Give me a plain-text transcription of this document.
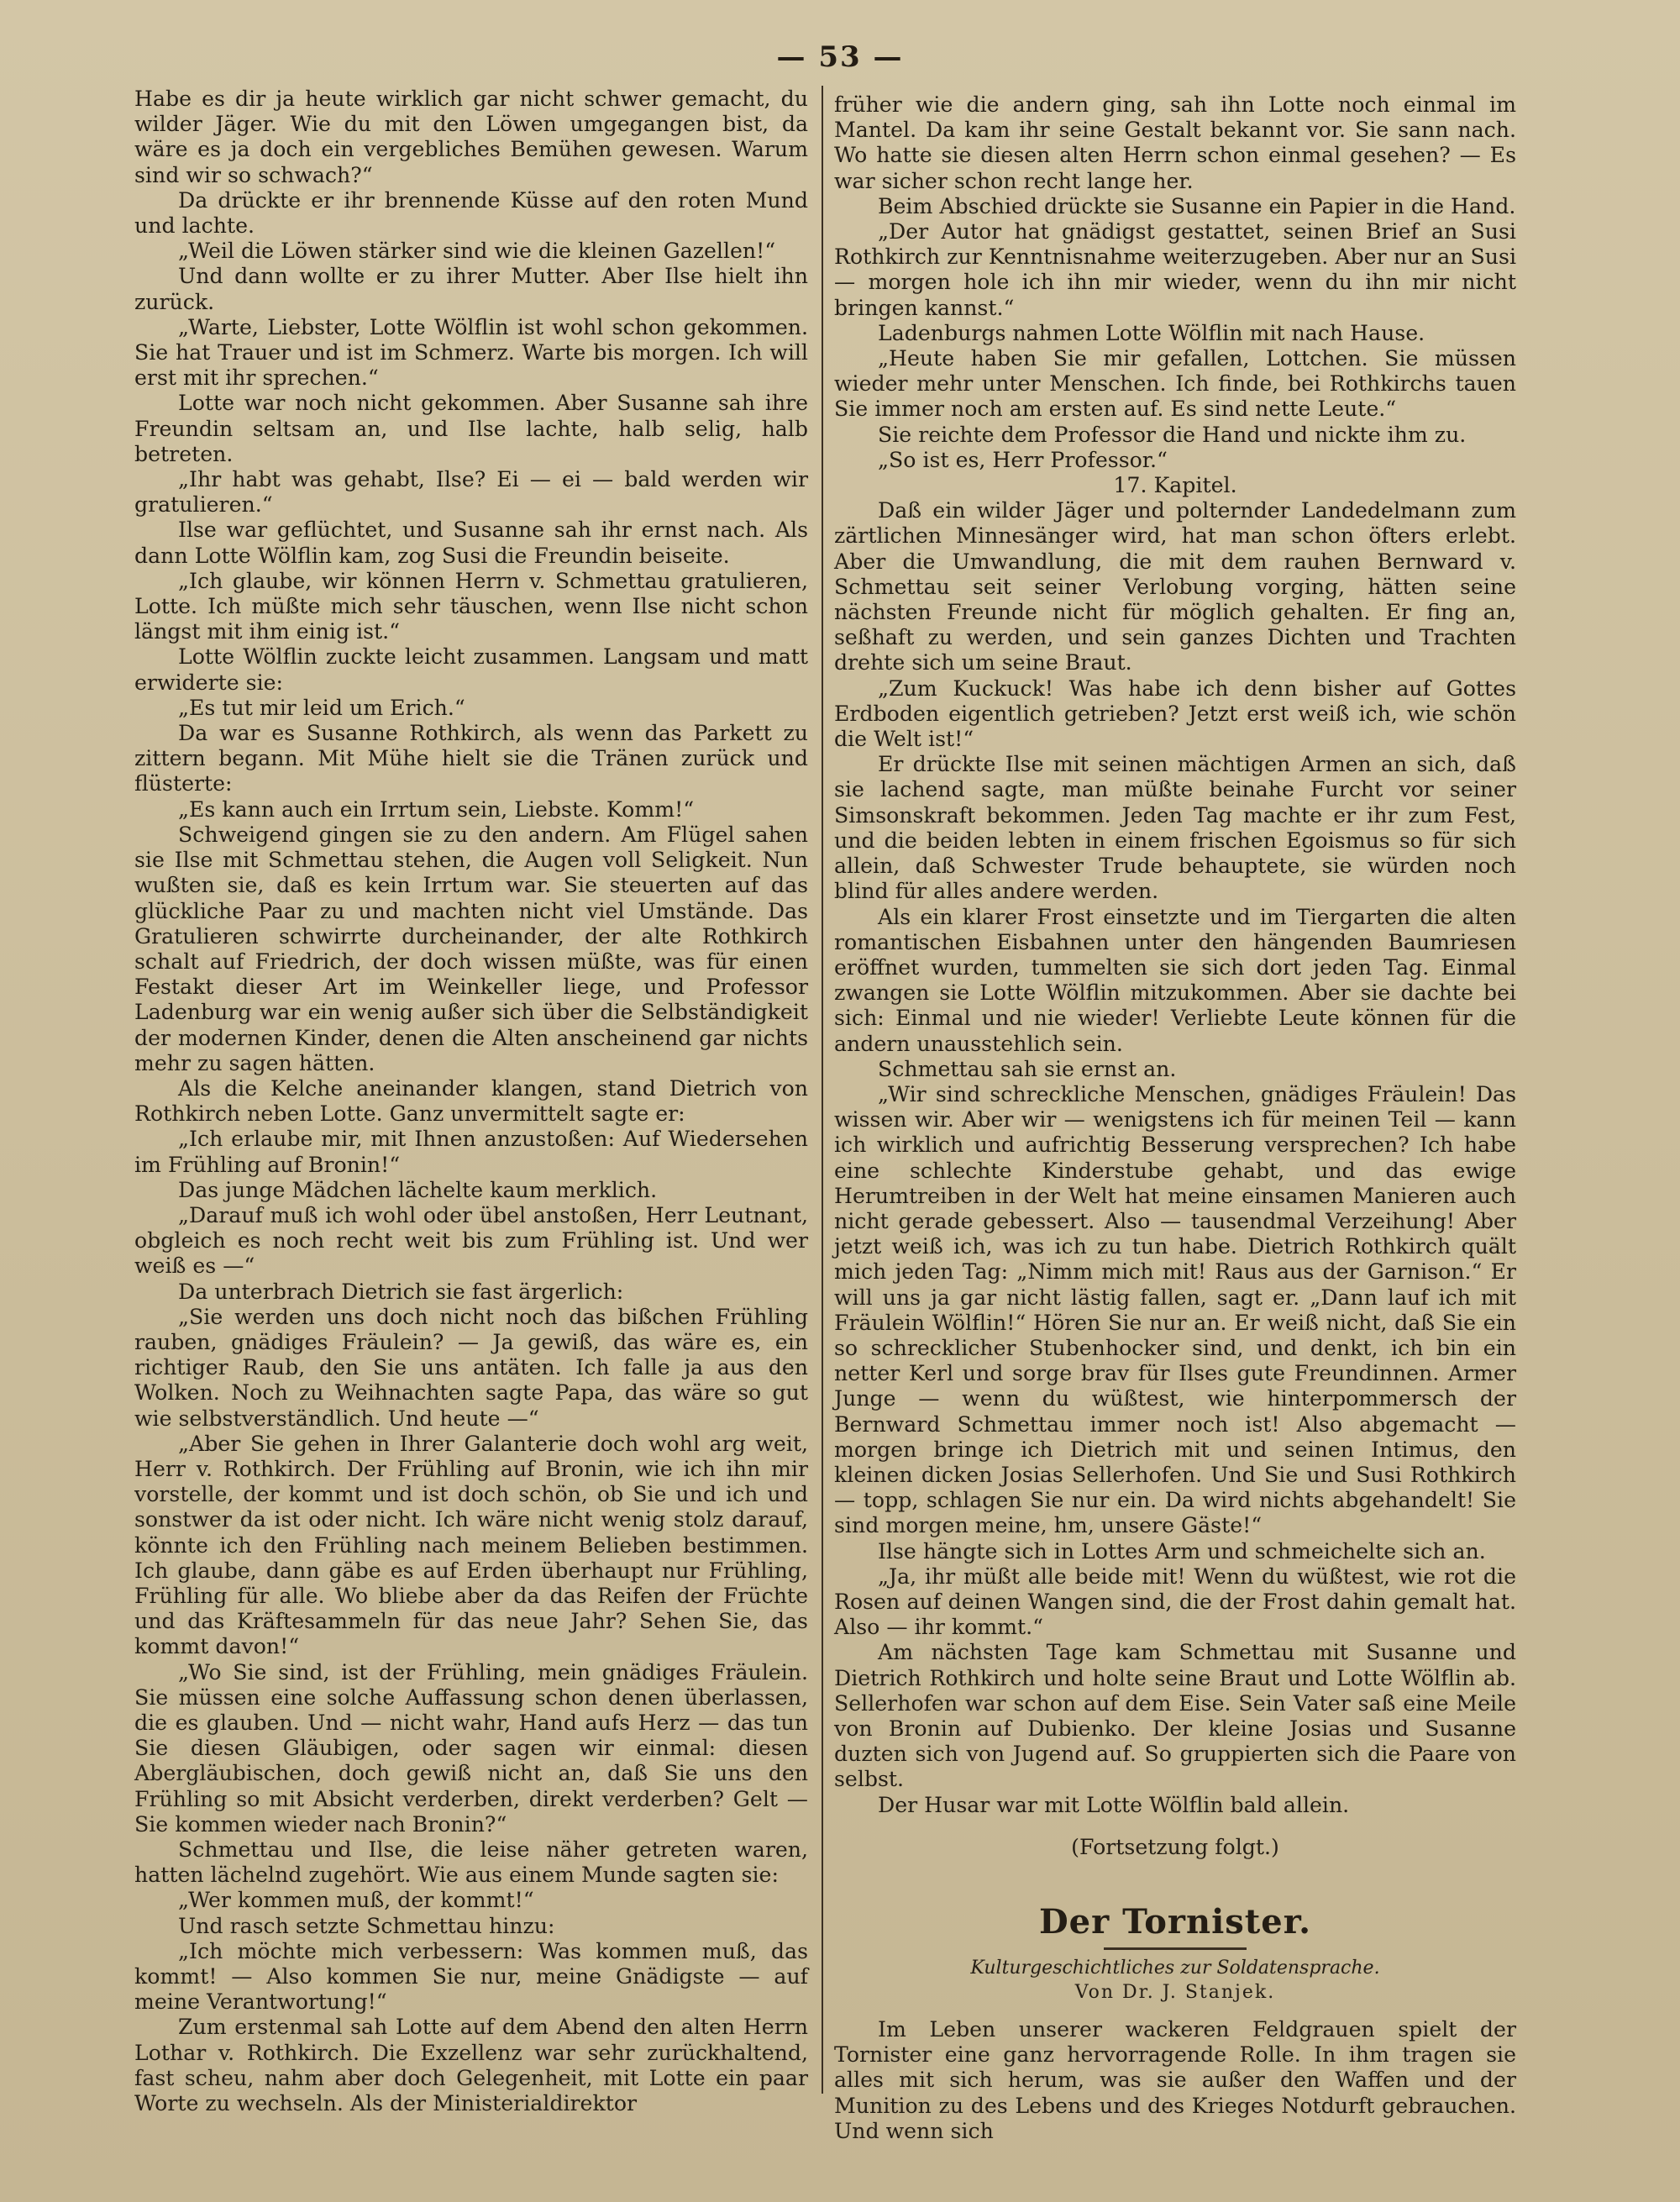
— 53 —

Habe es dir ja heute wirklich gar nicht schwer gemacht, du wilder Jäger. Wie du mit den Löwen umgegangen bist, da wäre es ja doch ein vergebliches Bemühen gewesen. Warum sind wir so schwach?“

Da drückte er ihr brennende Küsse auf den roten Mund und lachte.

„Weil die Löwen stärker sind wie die kleinen Gazellen!“

Und dann wollte er zu ihrer Mutter. Aber Ilse hielt ihn zurück.

„Warte, Liebster, Lotte Wölflin ist wohl schon gekommen. Sie hat Trauer und ist im Schmerz. Warte bis morgen. Ich will erst mit ihr sprechen.“

Lotte war noch nicht gekommen. Aber Susanne sah ihre Freundin seltsam an, und Ilse lachte, halb selig, halb betreten.

„Ihr habt was gehabt, Ilse? Ei — ei — bald werden wir gratulieren.“

Ilse war geflüchtet, und Susanne sah ihr ernst nach. Als dann Lotte Wölflin kam, zog Susi die Freundin beiseite.

„Ich glaube, wir können Herrn v. Schmettau gratulieren, Lotte. Ich müßte mich sehr täuschen, wenn Ilse nicht schon längst mit ihm einig ist.“

Lotte Wölflin zuckte leicht zusammen. Langsam und matt erwiderte sie:

„Es tut mir leid um Erich.“

Da war es Susanne Rothkirch, als wenn das Parkett zu zittern begann. Mit Mühe hielt sie die Tränen zurück und flüsterte:

„Es kann auch ein Irrtum sein, Liebste. Komm!“

Schweigend gingen sie zu den andern. Am Flügel sahen sie Ilse mit Schmettau stehen, die Augen voll Seligkeit. Nun wußten sie, daß es kein Irrtum war. Sie steuerten auf das glückliche Paar zu und machten nicht viel Umstände. Das Gratulieren schwirrte durcheinander, der alte Rothkirch schalt auf Friedrich, der doch wissen müßte, was für einen Festakt dieser Art im Weinkeller liege, und Professor Ladenburg war ein wenig außer sich über die Selbständigkeit der modernen Kinder, denen die Alten anscheinend gar nichts mehr zu sagen hätten.

Als die Kelche aneinander klangen, stand Dietrich von Rothkirch neben Lotte. Ganz unvermittelt sagte er:

„Ich erlaube mir, mit Ihnen anzustoßen: Auf Wiedersehen im Frühling auf Bronin!“

Das junge Mädchen lächelte kaum merklich.

„Darauf muß ich wohl oder übel anstoßen, Herr Leutnant, obgleich es noch recht weit bis zum Frühling ist. Und wer weiß es —“

Da unterbrach Dietrich sie fast ärgerlich:

„Sie werden uns doch nicht noch das bißchen Frühling rauben, gnädiges Fräulein? — Ja gewiß, das wäre es, ein richtiger Raub, den Sie uns antäten. Ich falle ja aus den Wolken. Noch zu Weihnachten sagte Papa, das wäre so gut wie selbstverständlich. Und heute —“

„Aber Sie gehen in Ihrer Galanterie doch wohl arg weit, Herr v. Rothkirch. Der Frühling auf Bronin, wie ich ihn mir vorstelle, der kommt und ist doch schön, ob Sie und ich und sonstwer da ist oder nicht. Ich wäre nicht wenig stolz darauf, könnte ich den Frühling nach meinem Belieben bestimmen. Ich glaube, dann gäbe es auf Erden überhaupt nur Frühling, Frühling für alle. Wo bliebe aber da das Reifen der Früchte und das Kräftesammeln für das neue Jahr? Sehen Sie, das kommt davon!“

„Wo Sie sind, ist der Frühling, mein gnädiges Fräulein. Sie müssen eine solche Auffassung schon denen überlassen, die es glauben. Und — nicht wahr, Hand aufs Herz — das tun Sie diesen Gläubigen, oder sagen wir einmal: diesen Abergläubischen, doch gewiß nicht an, daß Sie uns den Frühling so mit Absicht verderben, direkt verderben? Gelt — Sie kommen wieder nach Bronin?“

Schmettau und Ilse, die leise näher getreten waren, hatten lächelnd zugehört. Wie aus einem Munde sagten sie:

„Wer kommen muß, der kommt!“

Und rasch setzte Schmettau hinzu:

„Ich möchte mich verbessern: Was kommen muß, das kommt! — Also kommen Sie nur, meine Gnädigste — auf meine Verantwortung!“

Zum erstenmal sah Lotte auf dem Abend den alten Herrn Lothar v. Rothkirch. Die Exzellenz war sehr zurückhaltend, fast scheu, nahm aber doch Gelegenheit, mit Lotte ein paar Worte zu wechseln. Als der Ministerialdirektor

früher wie die andern ging, sah ihn Lotte noch einmal im Mantel. Da kam ihr seine Gestalt bekannt vor. Sie sann nach. Wo hatte sie diesen alten Herrn schon einmal gesehen? — Es war sicher schon recht lange her.

Beim Abschied drückte sie Susanne ein Papier in die Hand.

„Der Autor hat gnädigst gestattet, seinen Brief an Susi Rothkirch zur Kenntnisnahme weiterzugeben. Aber nur an Susi — morgen hole ich ihn mir wieder, wenn du ihn mir nicht bringen kannst.“

Ladenburgs nahmen Lotte Wölflin mit nach Hause.

„Heute haben Sie mir gefallen, Lottchen. Sie müssen wieder mehr unter Menschen. Ich finde, bei Rothkirchs tauen Sie immer noch am ersten auf. Es sind nette Leute.“

Sie reichte dem Professor die Hand und nickte ihm zu.

„So ist es, Herr Professor.“

17. Kapitel.

Daß ein wilder Jäger und polternder Landedelmann zum zärtlichen Minnesänger wird, hat man schon öfters erlebt. Aber die Umwandlung, die mit dem rauhen Bernward v. Schmettau seit seiner Verlobung vorging, hätten seine nächsten Freunde nicht für möglich gehalten. Er fing an, seßhaft zu werden, und sein ganzes Dichten und Trachten drehte sich um seine Braut.

„Zum Kuckuck! Was habe ich denn bisher auf Gottes Erdboden eigentlich getrieben? Jetzt erst weiß ich, wie schön die Welt ist!“

Er drückte Ilse mit seinen mächtigen Armen an sich, daß sie lachend sagte, man müßte beinahe Furcht vor seiner Simsonskraft bekommen. Jeden Tag machte er ihr zum Fest, und die beiden lebten in einem frischen Egoismus so für sich allein, daß Schwester Trude behauptete, sie würden noch blind für alles andere werden.

Als ein klarer Frost einsetzte und im Tiergarten die alten romantischen Eisbahnen unter den hängenden Baumriesen eröffnet wurden, tummelten sie sich dort jeden Tag. Einmal zwangen sie Lotte Wölflin mitzukommen. Aber sie dachte bei sich: Einmal und nie wieder! Verliebte Leute können für die andern unausstehlich sein.

Schmettau sah sie ernst an.

„Wir sind schreckliche Menschen, gnädiges Fräulein! Das wissen wir. Aber wir — wenigstens ich für meinen Teil — kann ich wirklich und aufrichtig Besserung versprechen? Ich habe eine schlechte Kinderstube gehabt, und das ewige Herumtreiben in der Welt hat meine einsamen Manieren auch nicht gerade gebessert. Also — tausendmal Verzeihung! Aber jetzt weiß ich, was ich zu tun habe. Dietrich Rothkirch quält mich jeden Tag: „Nimm mich mit! Raus aus der Garnison.“ Er will uns ja gar nicht lästig fallen, sagt er. „Dann lauf ich mit Fräulein Wölflin!“ Hören Sie nur an. Er weiß nicht, daß Sie ein so schrecklicher Stubenhocker sind, und denkt, ich bin ein netter Kerl und sorge brav für Ilses gute Freundinnen. Armer Junge — wenn du wüßtest, wie hinterpommersch der Bernward Schmettau immer noch ist! Also abgemacht — morgen bringe ich Dietrich mit und seinen Intimus, den kleinen dicken Josias Sellerhofen. Und Sie und Susi Rothkirch — topp, schlagen Sie nur ein. Da wird nichts abgehandelt! Sie sind morgen meine, hm, unsere Gäste!“

Ilse hängte sich in Lottes Arm und schmeichelte sich an.

„Ja, ihr müßt alle beide mit! Wenn du wüßtest, wie rot die Rosen auf deinen Wangen sind, die der Frost dahin gemalt hat. Also — ihr kommt.“

Am nächsten Tage kam Schmettau mit Susanne und Dietrich Rothkirch und holte seine Braut und Lotte Wölflin ab. Sellerhofen war schon auf dem Eise. Sein Vater saß eine Meile von Bronin auf Dubienko. Der kleine Josias und Susanne duzten sich von Jugend auf. So gruppierten sich die Paare von selbst.

Der Husar war mit Lotte Wölflin bald allein.

(Fortsetzung folgt.)

Der Tornister.
Kulturgeschichtliches zur Soldatensprache.
Von Dr. J. Stanjek.

Im Leben unserer wackeren Feldgrauen spielt der Tornister eine ganz hervorragende Rolle. In ihm tragen sie alles mit sich herum, was sie außer den Waffen und der Munition zu des Lebens und des Krieges Notdurft gebrauchen. Und wenn sich
